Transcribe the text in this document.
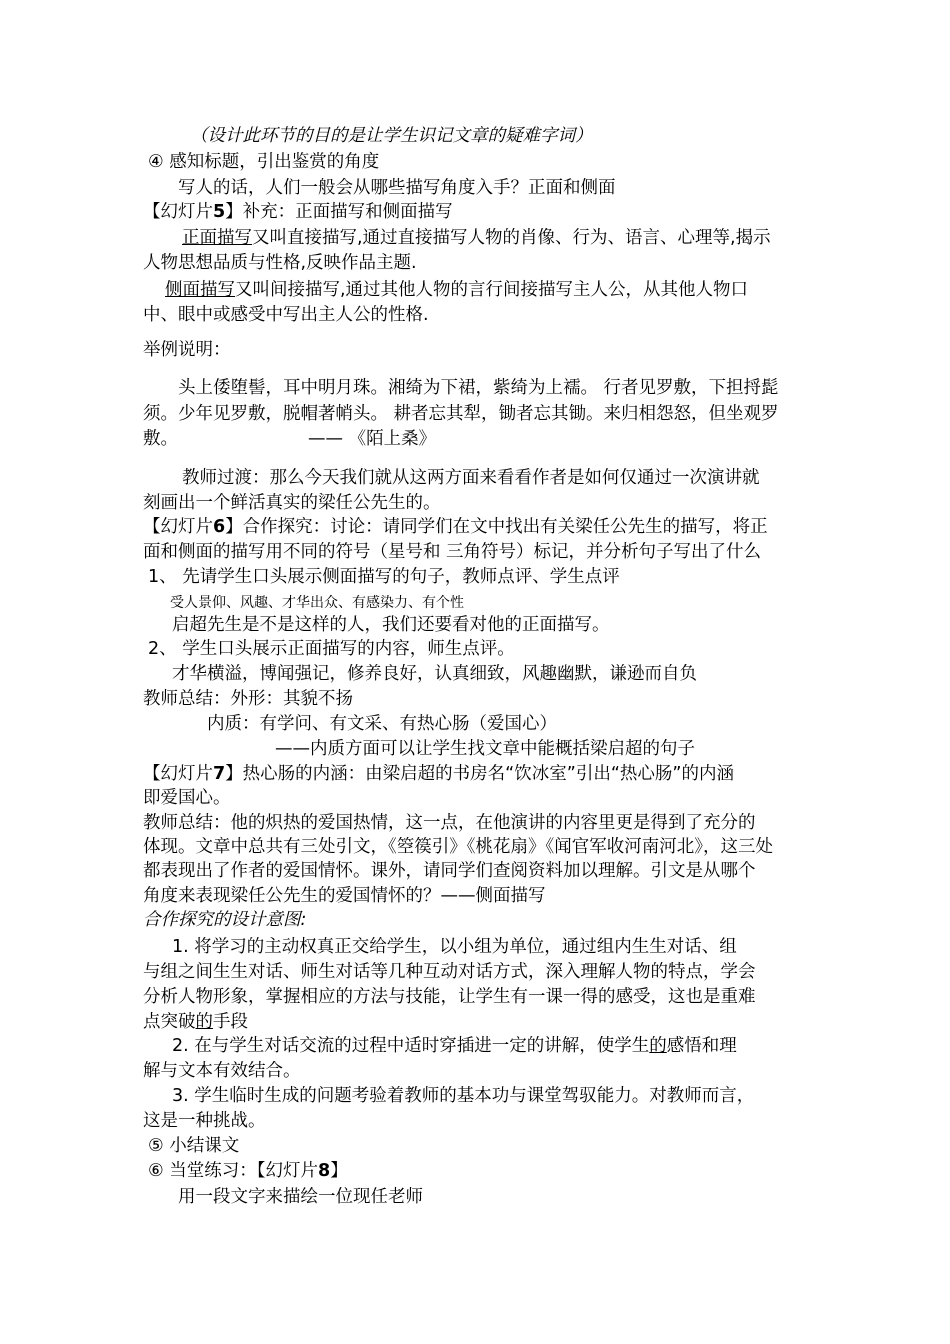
（设计此环节的目的是让学生识记文章的疑难字词）
④ 感知标题，引出鉴赏的角度
写人的话，人们一般会从哪些描写角度入手？正面和侧面
【幻灯片5】补充：正面描写和侧面描写
正面描写又叫直接描写,通过直接描写人物的肖像、行为、语言、心理等,揭示
人物思想品质与性格,反映作品主题.
侧面描写又叫间接描写,通过其他人物的言行间接描写主人公，从其他人物口
中、眼中或感受中写出主人公的性格.
举例说明：
头上倭堕髻，耳中明月珠。湘绮为下裙，紫绮为上襦。 行者见罗敷，下担捋髭
须。少年见罗敷，脱帽著帩头。 耕者忘其犁，锄者忘其锄。来归相怨怒，但坐观罗
敷。	—— 《陌上桑》
教师过渡：那么今天我们就从这两方面来看看作者是如何仅通过一次演讲就
刻画出一个鲜活真实的梁任公先生的。
【幻灯片6】合作探究：讨论：请同学们在文中找出有关梁任公先生的描写，将正
面和侧面的描写用不同的符号（星号和 三角符号）标记，并分析句子写出了什么
1、 先请学生口头展示侧面描写的句子，教师点评、学生点评
受人景仰、风趣、才华出众、有感染力、有个性
启超先生是不是这样的人，我们还要看对他的正面描写。
2、 学生口头展示正面描写的内容，师生点评。
才华横溢，博闻强记，修养良好，认真细致，风趣幽默，谦逊而自负
教师总结：外形：其貌不扬
内质：有学问、有文采、有热心肠（爱国心）
——内质方面可以让学生找文章中能概括梁启超的句子
【幻灯片7】热心肠的内涵：由梁启超的书房名“饮冰室”引出“热心肠”的内涵
即爱国心。
教师总结：他的炽热的爱国热情，这一点，在他演讲的内容里更是得到了充分的
体现。文章中总共有三处引文，《箜篌引》《桃花扇》《闻官军收河南河北》，这三处
都表现出了作者的爱国情怀。课外，请同学们查阅资料加以理解。引文是从哪个
角度来表现梁任公先生的爱国情怀的？——侧面描写
合作探究的设计意图:
1. 将学习的主动权真正交给学生，以小组为单位，通过组内生生对话、组
与组之间生生对话、师生对话等几种互动对话方式，深入理解人物的特点，学会
分析人物形象，掌握相应的方法与技能，让学生有一课一得的感受，这也是重难
点突破的手段
2. 在与学生对话交流的过程中适时穿插进一定的讲解，使学生的感悟和理
解与文本有效结合。
3. 学生临时生成的问题考验着教师的基本功与课堂驾驭能力。对教师而言，
这是一种挑战。
⑤ 小结课文
⑥ 当堂练习：【幻灯片8】
用一段文字来描绘一位现任老师
